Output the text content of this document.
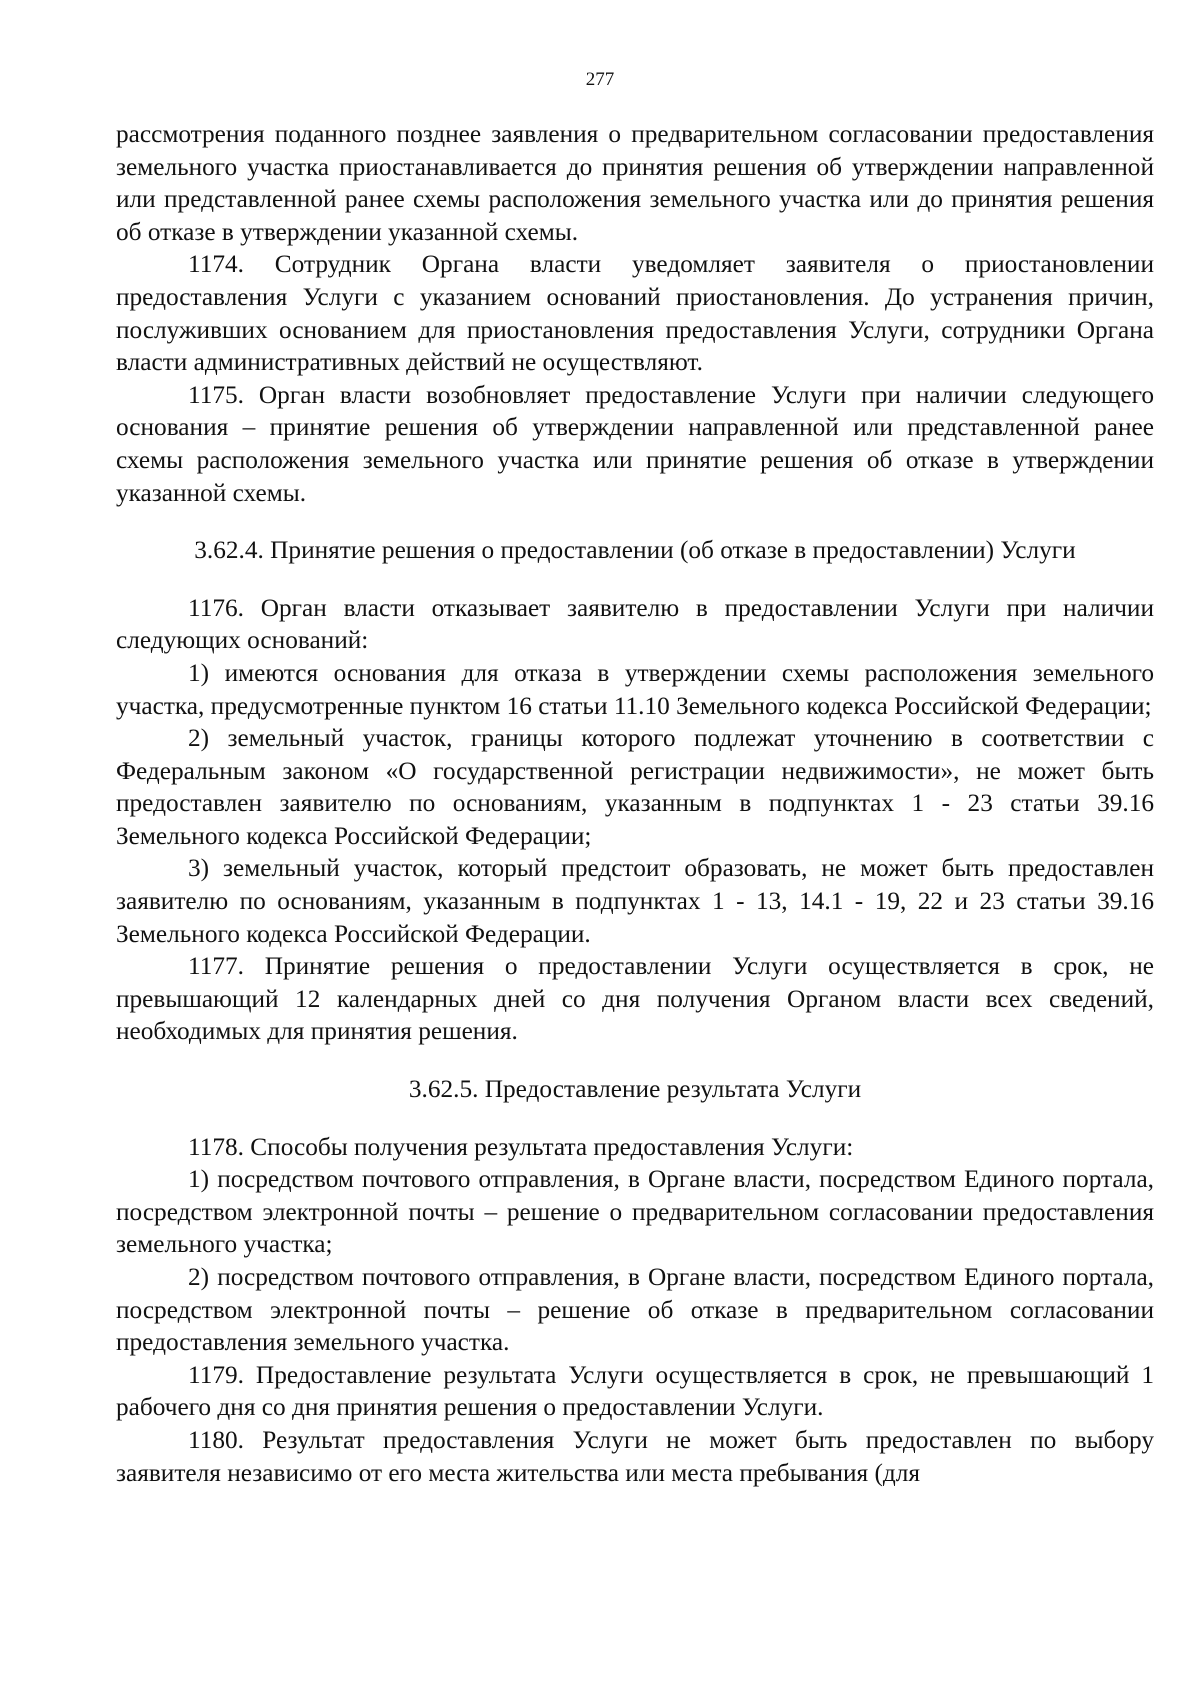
277

рассмотрения поданного позднее заявления о предварительном согласовании предоставления земельного участка приостанавливается до принятия решения об утверждении направленной или представленной ранее схемы расположения земельного участка или до принятия решения об отказе в утверждении указанной схемы.

1174. Сотрудник Органа власти уведомляет заявителя о приостановлении предоставления Услуги с указанием оснований приостановления. До устранения причин, послуживших основанием для приостановления предоставления Услуги, сотрудники Органа власти административных действий не осуществляют.

1175. Орган власти возобновляет предоставление Услуги при наличии следующего основания – принятие решения об утверждении направленной или представленной ранее схемы расположения земельного участка или принятие решения об отказе в утверждении указанной схемы.

3.62.4. Принятие решения о предоставлении (об отказе в предоставлении) Услуги

1176. Орган власти отказывает заявителю в предоставлении Услуги при наличии следующих оснований:

1) имеются основания для отказа в утверждении схемы расположения земельного участка, предусмотренные пунктом 16 статьи 11.10 Земельного кодекса Российской Федерации;

2) земельный участок, границы которого подлежат уточнению в соответствии с Федеральным законом «О государственной регистрации недвижимости», не может быть предоставлен заявителю по основаниям, указанным в подпунктах 1 - 23 статьи 39.16 Земельного кодекса Российской Федерации;

3) земельный участок, который предстоит образовать, не может быть предоставлен заявителю по основаниям, указанным в подпунктах 1 - 13, 14.1 - 19, 22 и 23 статьи 39.16 Земельного кодекса Российской Федерации.

1177. Принятие решения о предоставлении Услуги осуществляется в срок, не превышающий 12 календарных дней со дня получения Органом власти всех сведений, необходимых для принятия решения.

3.62.5. Предоставление результата Услуги

1178. Способы получения результата предоставления Услуги:

1) посредством почтового отправления, в Органе власти, посредством Единого портала, посредством электронной почты – решение о предварительном согласовании предоставления земельного участка;

2) посредством почтового отправления, в Органе власти, посредством Единого портала, посредством электронной почты – решение об отказе в предварительном согласовании предоставления земельного участка.

1179. Предоставление результата Услуги осуществляется в срок, не превышающий 1 рабочего дня со дня принятия решения о предоставлении Услуги.

1180. Результат предоставления Услуги не может быть предоставлен по выбору заявителя независимо от его места жительства или места пребывания (для
